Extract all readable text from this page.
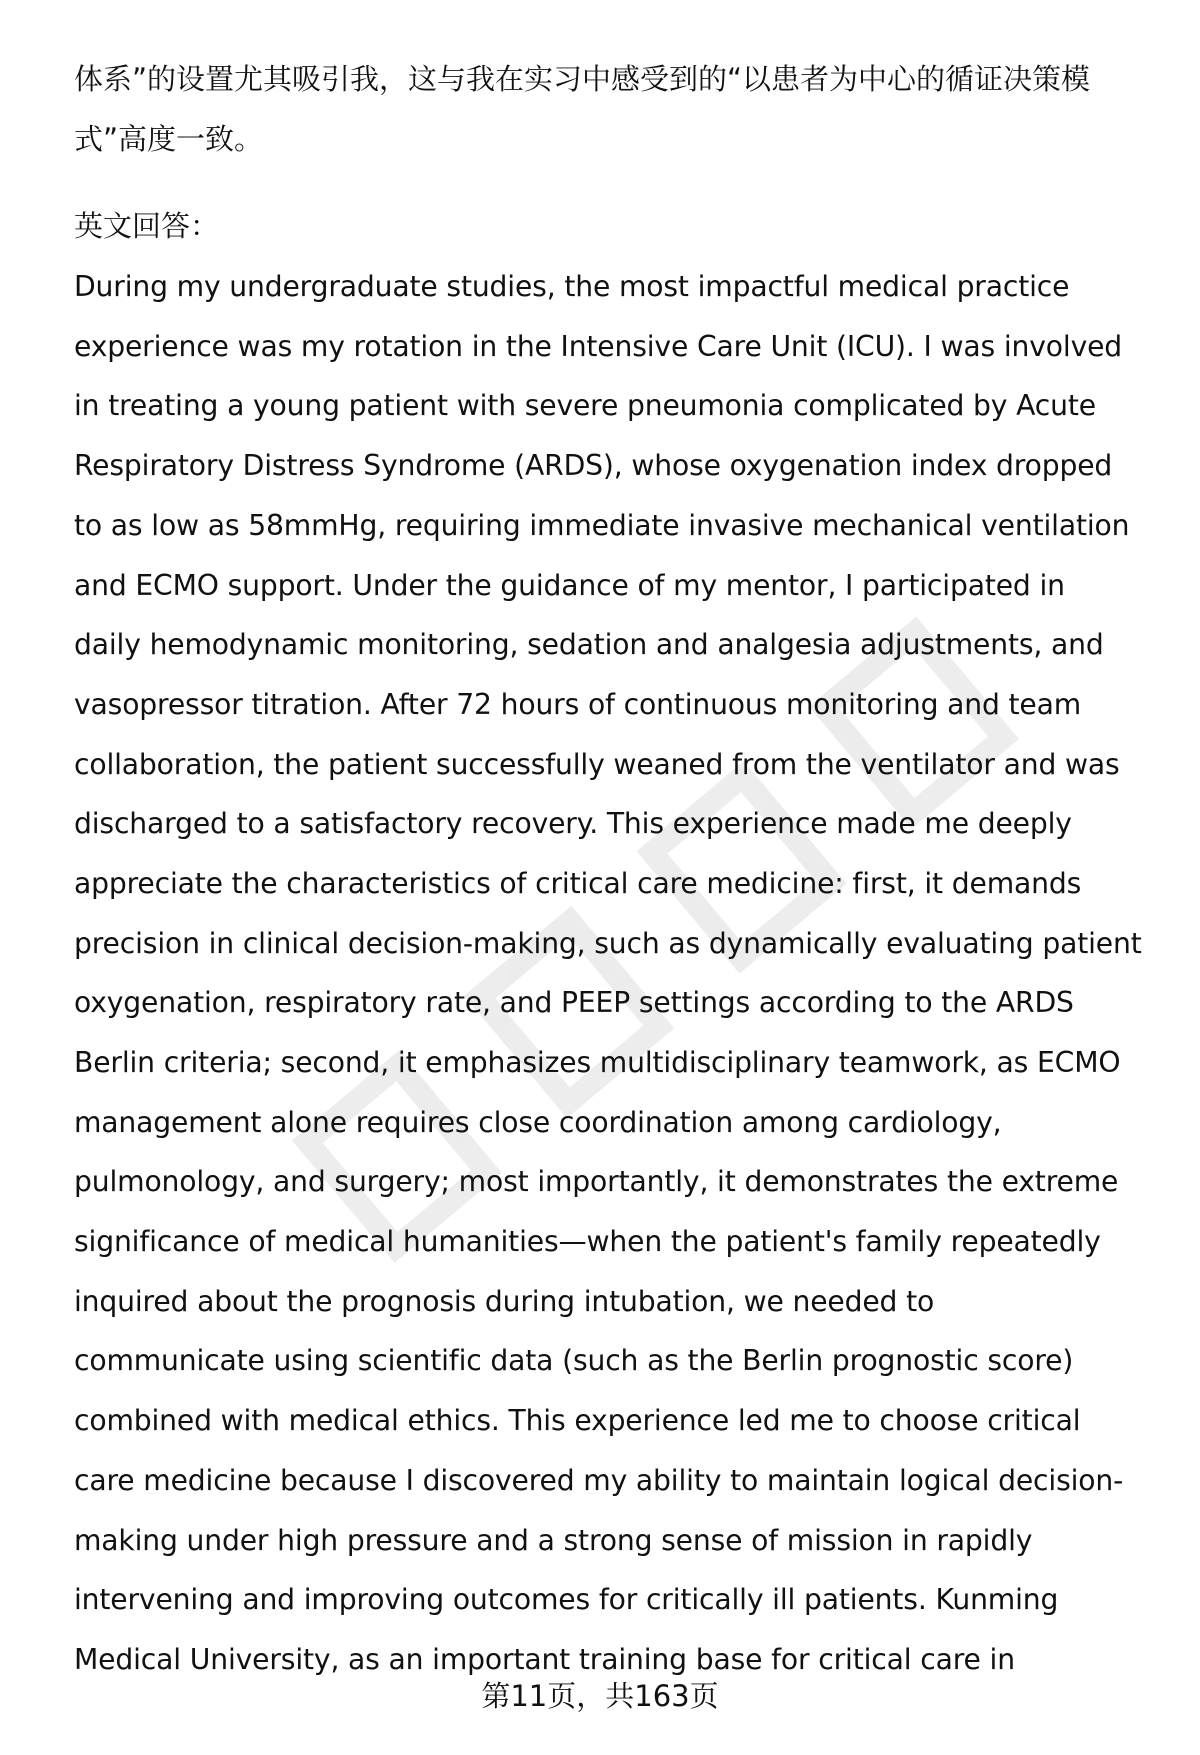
体系”的设置尤其吸引我，这与我在实习中感受到的“以患者为中心的循证决策模
式”高度一致。
英文回答：
During my undergraduate studies, the most impactful medical practice
experience was my rotation in the Intensive Care Unit (ICU). I was involved
in treating a young patient with severe pneumonia complicated by Acute
Respiratory Distress Syndrome (ARDS), whose oxygenation index dropped
to as low as 58mmHg, requiring immediate invasive mechanical ventilation
and ECMO support. Under the guidance of my mentor, I participated in
daily hemodynamic monitoring, sedation and analgesia adjustments, and
vasopressor titration. After 72 hours of continuous monitoring and team
collaboration, the patient successfully weaned from the ventilator and was
discharged to a satisfactory recovery. This experience made me deeply
appreciate the characteristics of critical care medicine: first, it demands
precision in clinical decision-making, such as dynamically evaluating patient
oxygenation, respiratory rate, and PEEP settings according to the ARDS
Berlin criteria; second, it emphasizes multidisciplinary teamwork, as ECMO
management alone requires close coordination among cardiology,
pulmonology, and surgery; most importantly, it demonstrates the extreme
significance of medical humanities—when the patient's family repeatedly
inquired about the prognosis during intubation, we needed to
communicate using scientific data (such as the Berlin prognostic score)
combined with medical ethics. This experience led me to choose critical
care medicine because I discovered my ability to maintain logical decision-
making under high pressure and a strong sense of mission in rapidly
intervening and improving outcomes for critically ill patients. Kunming
Medical University, as an important training base for critical care in
第11页，共163页
